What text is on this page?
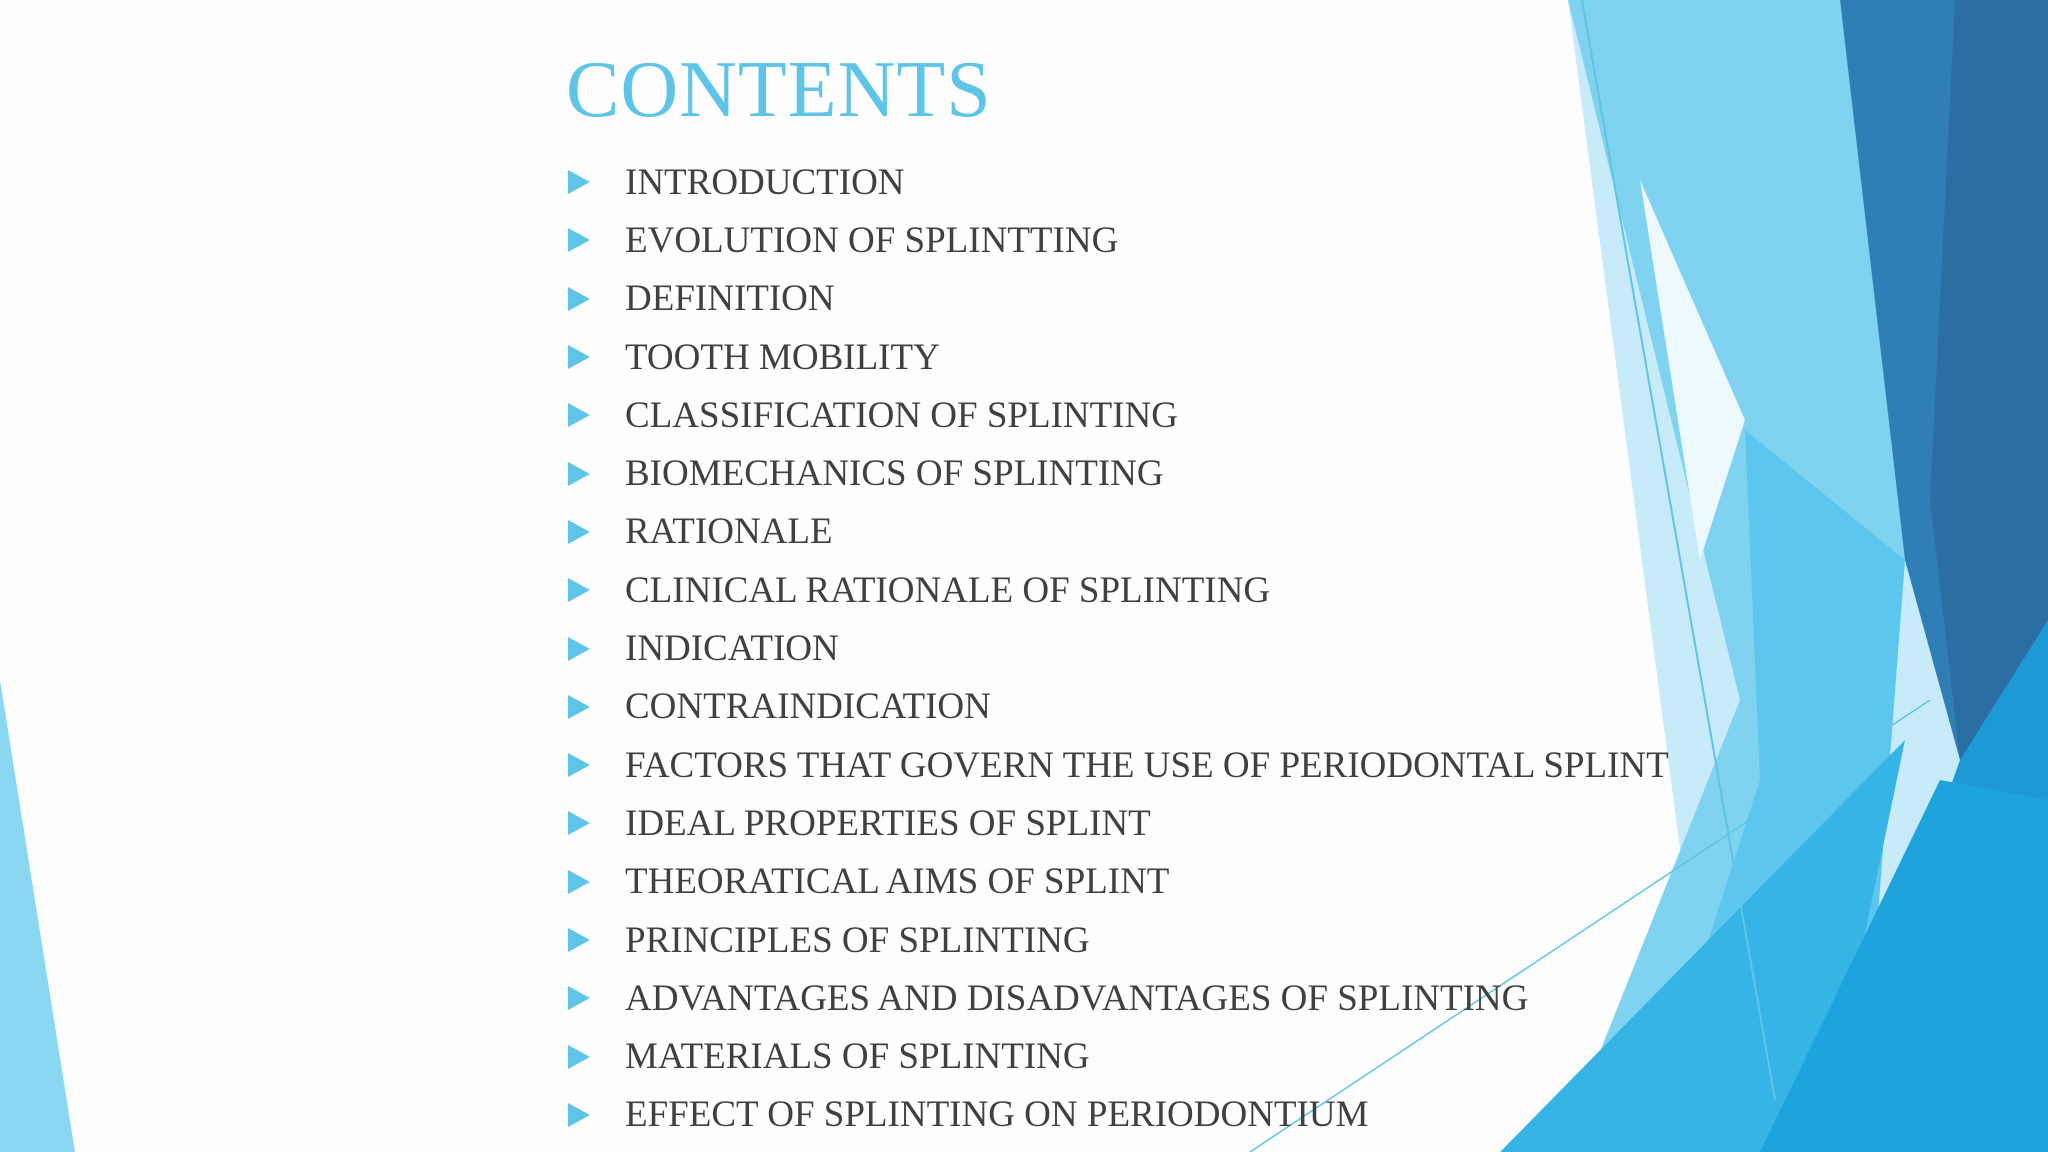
CONTENTS
INTRODUCTION
EVOLUTION OF SPLINTTING
DEFINITION
TOOTH MOBILITY
CLASSIFICATION OF SPLINTING
BIOMECHANICS OF SPLINTING
RATIONALE
CLINICAL RATIONALE OF SPLINTING
INDICATION
CONTRAINDICATION
FACTORS THAT GOVERN THE USE OF PERIODONTAL SPLINT
IDEAL PROPERTIES OF SPLINT
THEORATICAL AIMS OF SPLINT
PRINCIPLES OF SPLINTING
ADVANTAGES AND DISADVANTAGES OF SPLINTING
MATERIALS OF SPLINTING
EFFECT OF SPLINTING ON PERIODONTIUM
